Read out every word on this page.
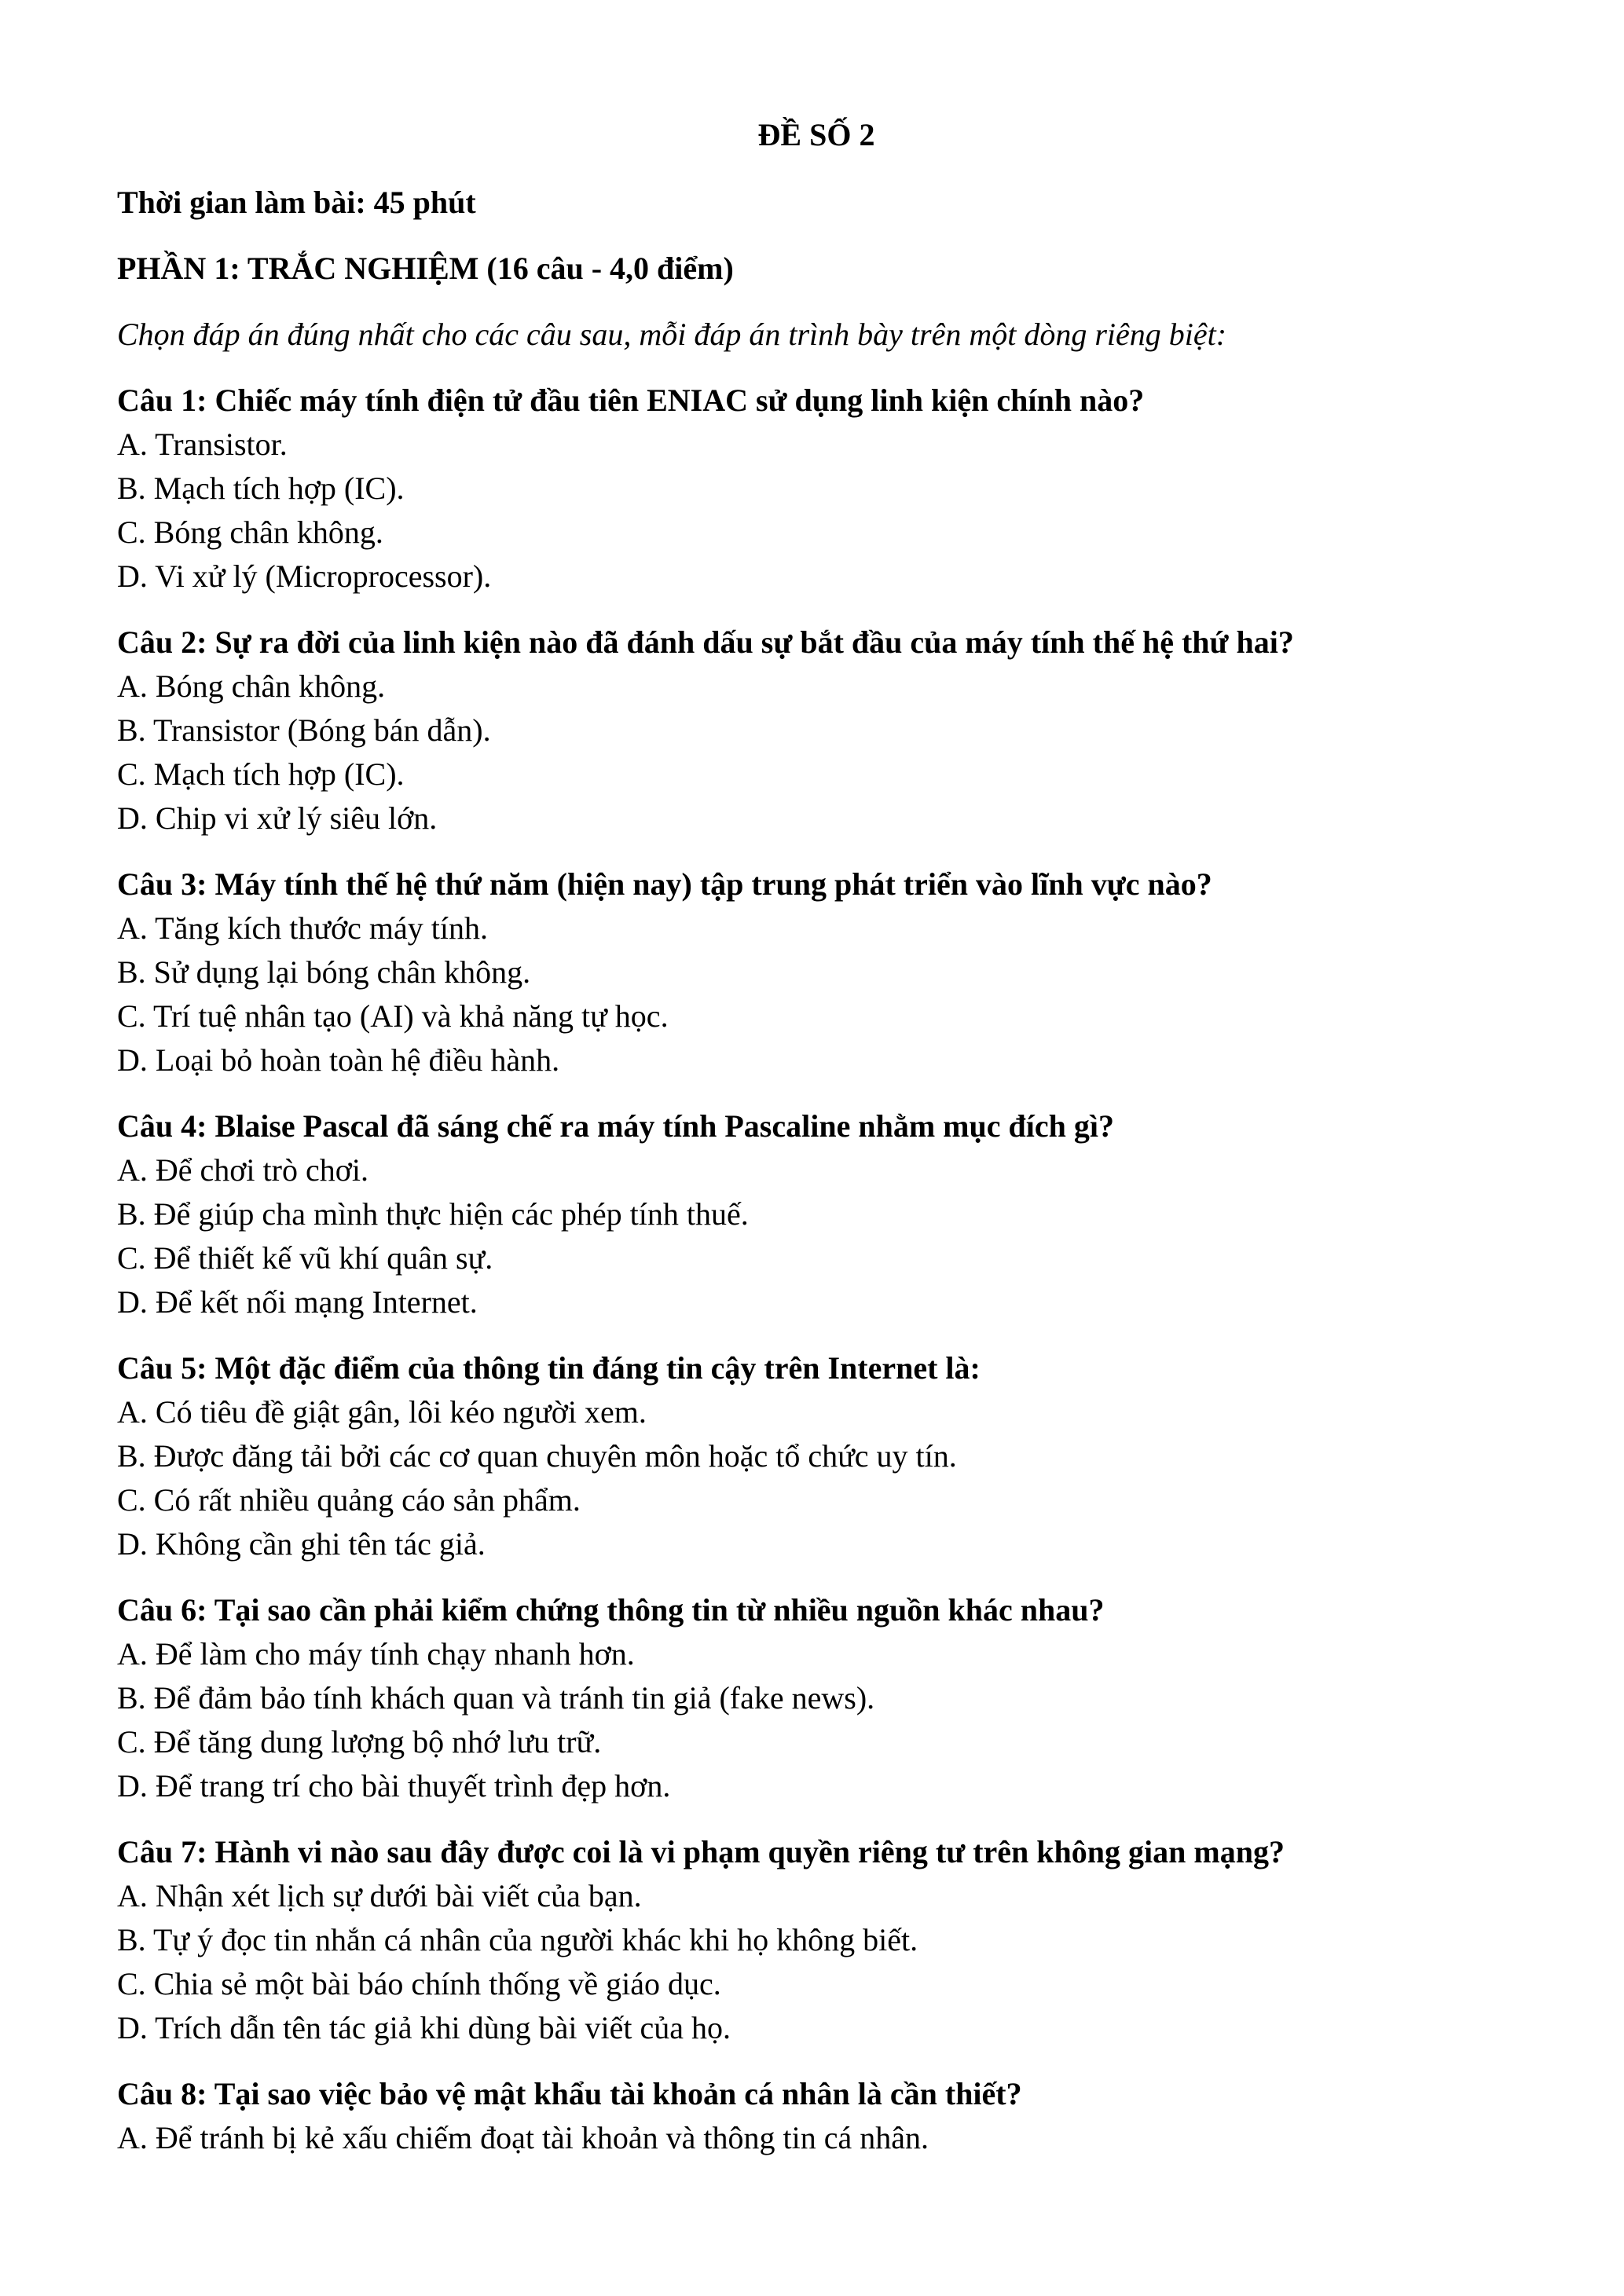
ĐỀ SỐ 2
Thời gian làm bài: 45 phút
PHẦN 1: TRẮC NGHIỆM (16 câu - 4,0 điểm)
Chọn đáp án đúng nhất cho các câu sau, mỗi đáp án trình bày trên một dòng riêng biệt:
Câu 1: Chiếc máy tính điện tử đầu tiên ENIAC sử dụng linh kiện chính nào?
A. Transistor.
B. Mạch tích hợp (IC).
C. Bóng chân không.
D. Vi xử lý (Microprocessor).
Câu 2: Sự ra đời của linh kiện nào đã đánh dấu sự bắt đầu của máy tính thế hệ thứ hai?
A. Bóng chân không.
B. Transistor (Bóng bán dẫn).
C. Mạch tích hợp (IC).
D. Chip vi xử lý siêu lớn.
Câu 3: Máy tính thế hệ thứ năm (hiện nay) tập trung phát triển vào lĩnh vực nào?
A. Tăng kích thước máy tính.
B. Sử dụng lại bóng chân không.
C. Trí tuệ nhân tạo (AI) và khả năng tự học.
D. Loại bỏ hoàn toàn hệ điều hành.
Câu 4: Blaise Pascal đã sáng chế ra máy tính Pascaline nhằm mục đích gì?
A. Để chơi trò chơi.
B. Để giúp cha mình thực hiện các phép tính thuế.
C. Để thiết kế vũ khí quân sự.
D. Để kết nối mạng Internet.
Câu 5: Một đặc điểm của thông tin đáng tin cậy trên Internet là:
A. Có tiêu đề giật gân, lôi kéo người xem.
B. Được đăng tải bởi các cơ quan chuyên môn hoặc tổ chức uy tín.
C. Có rất nhiều quảng cáo sản phẩm.
D. Không cần ghi tên tác giả.
Câu 6: Tại sao cần phải kiểm chứng thông tin từ nhiều nguồn khác nhau?
A. Để làm cho máy tính chạy nhanh hơn.
B. Để đảm bảo tính khách quan và tránh tin giả (fake news).
C. Để tăng dung lượng bộ nhớ lưu trữ.
D. Để trang trí cho bài thuyết trình đẹp hơn.
Câu 7: Hành vi nào sau đây được coi là vi phạm quyền riêng tư trên không gian mạng?
A. Nhận xét lịch sự dưới bài viết của bạn.
B. Tự ý đọc tin nhắn cá nhân của người khác khi họ không biết.
C. Chia sẻ một bài báo chính thống về giáo dục.
D. Trích dẫn tên tác giả khi dùng bài viết của họ.
Câu 8: Tại sao việc bảo vệ mật khẩu tài khoản cá nhân là cần thiết?
A. Để tránh bị kẻ xấu chiếm đoạt tài khoản và thông tin cá nhân.
